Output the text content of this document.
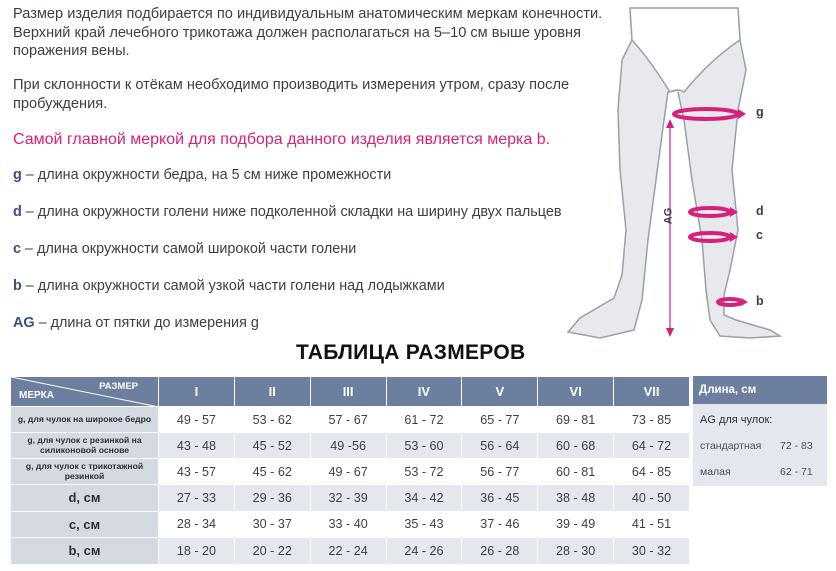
Размер изделия подбирается по индивидуальным анатомическим меркам конечности. Верхний край лечебного трикотажа должен располагаться на 5–10 см выше уровня поражения вены.
При склонности к отёкам необходимо производить измерения утром, сразу после пробуждения.
Самой главной меркой для подбора данного изделия является мерка b.
g – длина окружности бедра, на 5 см ниже промежности
d – длина окружности голени ниже подколенной складки на ширину двух пальцев
c – длина окружности самой широкой части голени
b – длина окружности самой узкой части голени над лодыжками
AG – длина от пятки до измерения g
g
d
c
b
AG
ТАБЛИЦА РАЗМЕРОВ
РАЗМЕР
МЕРКА	I	II	III	IV	V	VI	VII
g, для чулок на широкое бедро	49 - 57	53 - 62	57 - 67	61 - 72	65 - 77	69 - 81	73 - 85
g, для чулок с резинкой на силиконовой основе	43 - 48	45 - 52	49 -56	53 - 60	56 - 64	60 - 68	64 - 72
g, для чулок с трикотажной резинкой	43 - 57	45 - 62	49 - 67	53 - 72	56 - 77	60 - 81	64 - 85
d, см	27 - 33	29 - 36	32 - 39	34 - 42	36 - 45	38 - 48	40 - 50
c, см	28 - 34	30 - 37	33 - 40	35 - 43	37 - 46	39 - 49	41 - 51
b, см	18 - 20	20 - 22	22 - 24	24 - 26	26 - 28	28 - 30	30 - 32
Длина, см
AG для чулок:
стандартная 72 - 83
малая	62 - 71
